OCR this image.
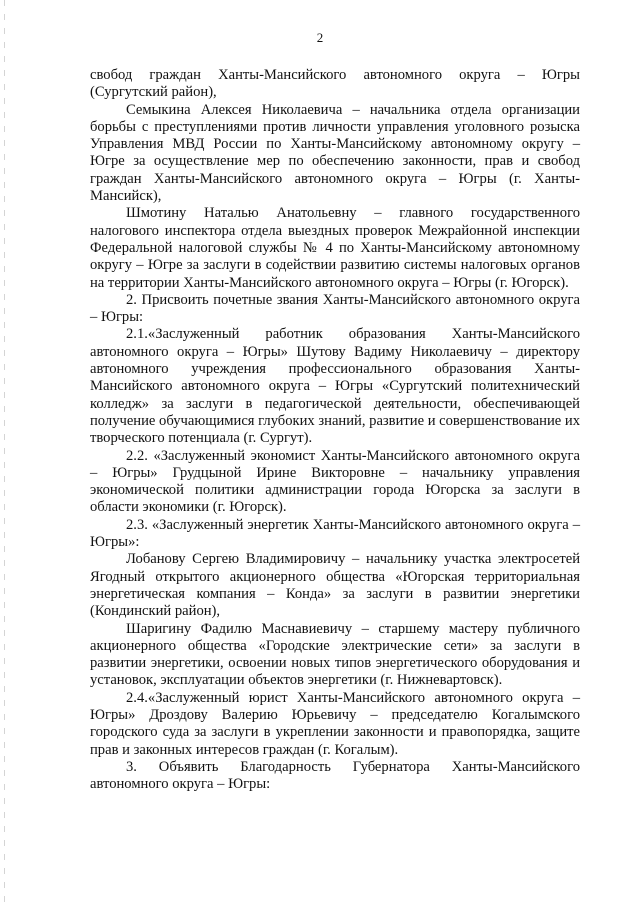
2

свобод граждан Ханты-Мансийского автономного округа – Югры (Сургутский район),

Семыкина Алексея Николаевича – начальника отдела организации борьбы с преступлениями против личности управления уголовного розыска Управления МВД России по Ханты-Мансийскому автономному округу – Югре за осуществление мер по обеспечению законности, прав и свобод граждан Ханты-Мансийского автономного округа – Югры (г. Ханты-Мансийск),

Шмотину Наталью Анатольевну – главного государственного налогового инспектора отдела выездных проверок Межрайонной инспекции Федеральной налоговой службы № 4 по Ханты-Мансийскому автономному округу – Югре за заслуги в содействии развитию системы налоговых органов на территории Ханты-Мансийского автономного округа – Югры (г. Югорск).

2. Присвоить почетные звания Ханты-Мансийского автономного округа – Югры:

2.1.«Заслуженный работник образования Ханты-Мансийского автономного округа – Югры» Шутову Вадиму Николаевичу – директору автономного учреждения профессионального образования Ханты-Мансийского автономного округа – Югры «Сургутский политехнический колледж» за заслуги в педагогической деятельности, обеспечивающей получение обучающимися глубоких знаний, развитие и совершенствование их творческого потенциала (г. Сургут).

2.2. «Заслуженный экономист Ханты-Мансийского автономного округа – Югры» Грудцыной Ирине Викторовне – начальнику управления экономической политики администрации города Югорска за заслуги в области экономики (г. Югорск).

2.3. «Заслуженный энергетик Ханты-Мансийского автономного округа – Югры»:

Лобанову Сергею Владимировичу – начальнику участка электросетей Ягодный открытого акционерного общества «Югорская территориальная энергетическая компания – Конда» за заслуги в развитии энергетики (Кондинский район),

Шаригину Фадилю Маснавиевичу – старшему мастеру публичного акционерного общества «Городские электрические сети» за заслуги в развитии энергетики, освоении новых типов энергетического оборудования и установок, эксплуатации объектов энергетики (г. Нижневартовск).

2.4.«Заслуженный юрист Ханты-Мансийского автономного округа – Югры» Дроздову Валерию Юрьевичу – председателю Когалымского городского суда за заслуги в укреплении законности и правопорядка, защите прав и законных интересов граждан (г. Когалым).

3. Объявить Благодарность Губернатора Ханты-Мансийского автономного округа – Югры:
